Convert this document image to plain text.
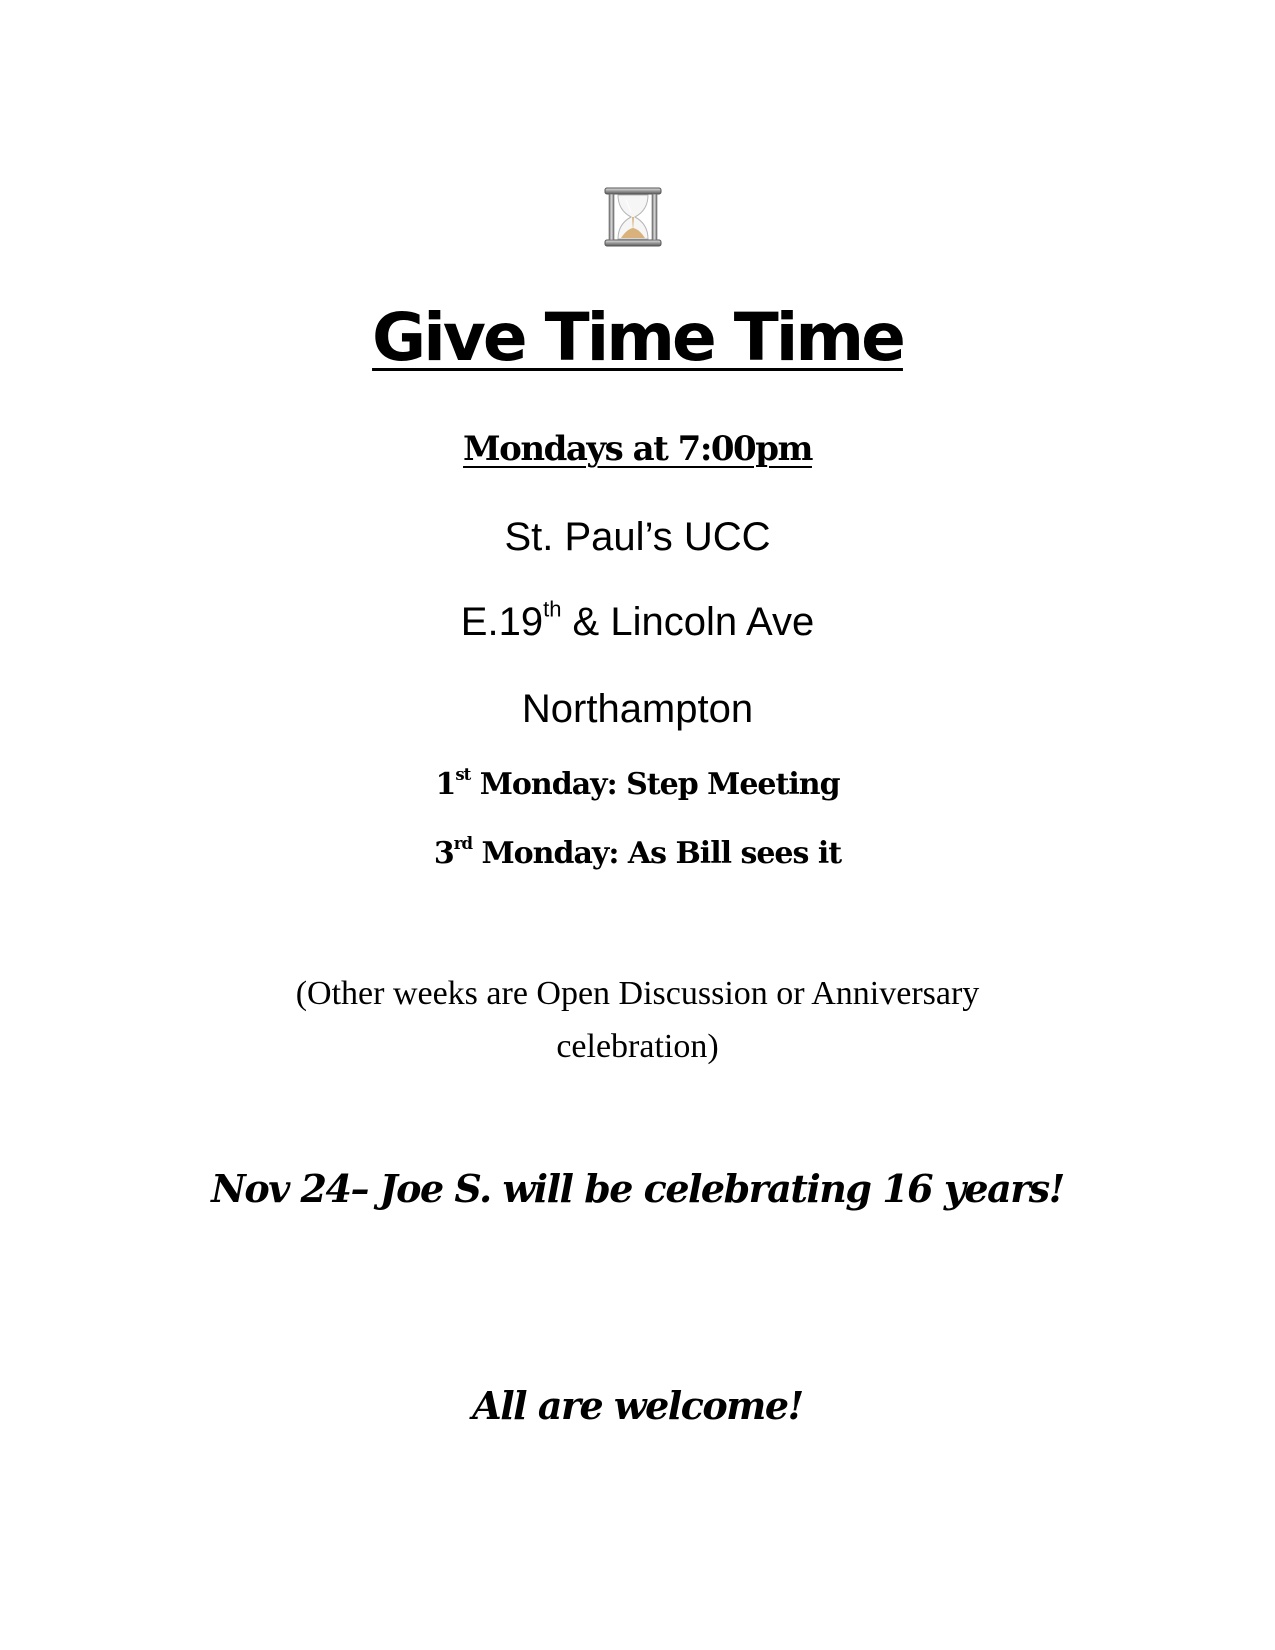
Give Time Time
Mondays at 7:00pm
St. Paul’s UCC
E.19th & Lincoln Ave
Northampton
1st Monday: Step Meeting
3rd Monday: As Bill sees it
(Other weeks are Open Discussion or Anniversary
celebration)
Nov 24– Joe S. will be celebrating 16 years!
All are welcome!
